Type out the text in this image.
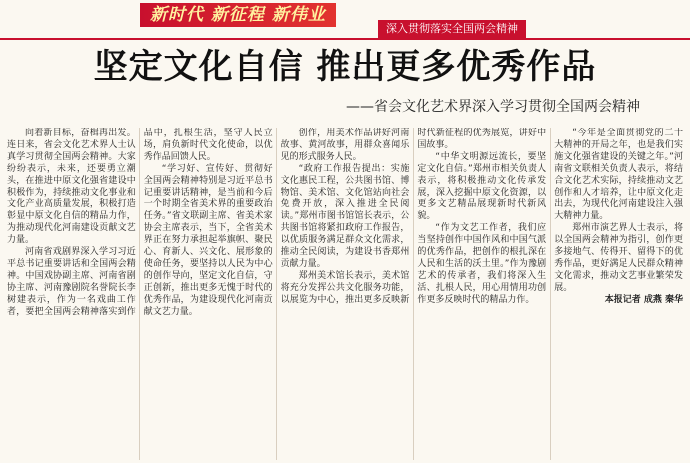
新时代 新征程 新伟业
深入贯彻落实全国两会精神
坚定文化自信 推出更多优秀作品
——省会文化艺术界深入学习贯彻全国两会精神

向着新目标，奋楫再出发。连日来，省会文化艺术界人士认真学习贯彻全国两会精神。大家纷纷表示，未来，还要勇立潮头，在推进中原文化强省建设中积极作为，持续推动文化事业和文化产业高质量发展，积极打造彰显中原文化自信的精品力作，为推动现代化河南建设贡献文艺力量。

河南省戏剧界深入学习习近平总书记重要讲话和全国两会精神。中国戏协副主席、河南省剧协主席、河南豫剧院名誉院长李树建表示，作为一名戏曲工作者，要把全国两会精神落实到作品中，扎根生活，坚守人民立场，肩负新时代文化使命，以优秀作品回馈人民。

“学习好、宣传好、贯彻好全国两会精神特别是习近平总书记重要讲话精神，是当前和今后一个时期全省美术界的重要政治任务。”省文联副主席、省美术家协会主席表示，当下，全省美术界正在努力承担起举旗帜、聚民心、育新人、兴文化、展形象的使命任务，要坚持以人民为中心的创作导向，坚定文化自信，守正创新，推出更多无愧于时代的优秀作品，为建设现代化河南贡献文艺力量。

创作，用美术作品讲好河南故事、黄河故事，用群众喜闻乐见的形式服务人民。

“政府工作报告提出：实施文化惠民工程，公共图书馆、博物馆、美术馆、文化馆站向社会免费开放，深入推进全民阅读。”郑州市图书馆馆长表示，公共图书馆将紧扣政府工作报告，以优质服务满足群众文化需求，推动全民阅读，为建设书香郑州贡献力量。

郑州美术馆长表示，美术馆将充分发挥公共文化服务功能，以展览为中心，推出更多反映新时代新征程的优秀展览，讲好中国故事。

“中华文明源远流长，要坚定文化自信。”郑州市相关负责人表示，将积极推动文化传承发展，深入挖掘中原文化资源，以更多文艺精品展现新时代新风貌。

“作为文艺工作者，我们应当坚持创作中国作风和中国气派的优秀作品，把创作的根扎深在人民和生活的沃土里。”作为豫剧艺术的传承者，我们将深入生活、扎根人民，用心用情用功创作更多反映时代的精品力作。

“今年是全面贯彻党的二十大精神的开局之年，也是我们实施文化强省建设的关键之年。”河南省文联相关负责人表示，将结合文化艺术实际，持续推动文艺创作和人才培养，让中原文化走出去，为现代化河南建设注入强大精神力量。

郑州市演艺界人士表示，将以全国两会精神为指引，创作更多接地气、传得开、留得下的优秀作品，更好满足人民群众精神文化需求，推动文艺事业繁荣发展。

本报记者 成燕 秦华
